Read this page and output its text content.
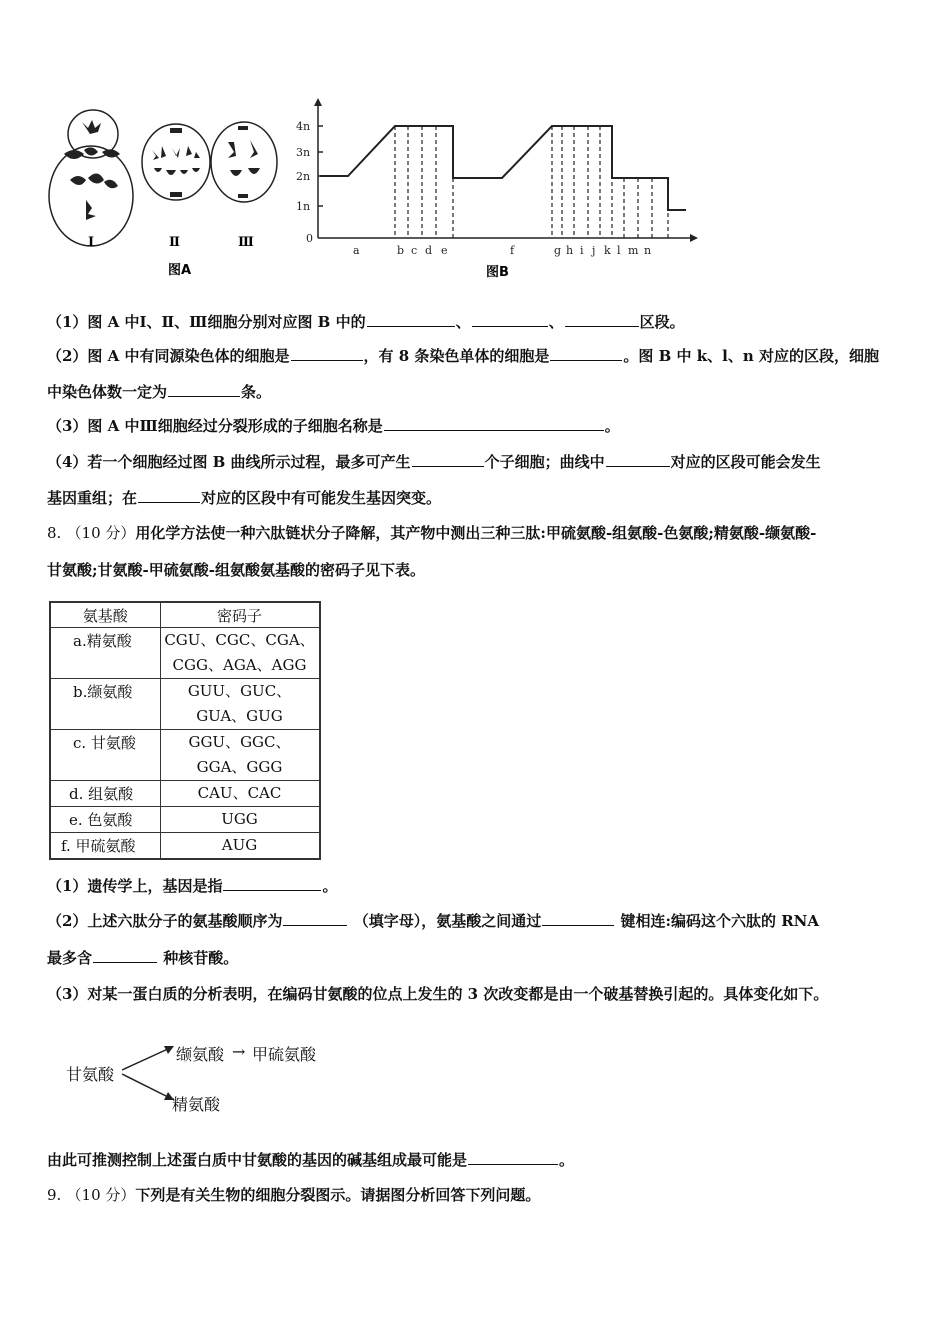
Ⅰ	Ⅱ	Ⅲ
图A
4n
3n
2n
1n
0
a	b c d e	f	g h i j k l m n
图B
（1）图 A 中Ⅰ、Ⅱ、Ⅲ细胞分别对应图 B 中的	、	、	区段。
（2）图 A 中有同源染色体的细胞是	，有 8 条染色单体的细胞是	。图 B 中 k、l、n 对应的区段，细胞
中染色体数一定为	条。
（3）图 A 中Ⅲ细胞经过分裂形成的子细胞名称是	。
（4）若一个细胞经过图 B 曲线所示过程，最多可产生	个子细胞；曲线中	对应的区段可能会发生
基因重组；在	对应的区段中有可能发生基因突变。
8. （10 分）用化学方法使一种六肽链状分子降解，其产物中测出三种三肽:甲硫氨酸-组氨酸-色氨酸;精氨酸-缬氨酸-
甘氨酸;甘氨酸-甲硫氨酸-组氨酸氨基酸的密码子见下表。
氨基酸	密码子
a.精氨酸	CGU、CGC、CGA、
CGG、AGA、AGG

b.缬氨酸	GUU、GUC、
GUA、GUG

c. 甘氨酸	GGU、GGC、
GGA、GGG

d. 组氨酸	CAU、CAC

e. 色氨酸	UGG

f. 甲硫氨酸	AUG
（1）遗传学上，基因是指	。
（2）上述六肽分子的氨基酸顺序为	（填字母），氨基酸之间通过	键相连:编码这个六肽的 RNA
最多含	种核苷酸。
（3）对某一蛋白质的分析表明，在编码甘氨酸的位点上发生的 3 次改变都是由一个破基替换引起的。具体变化如下。
甘氨酸
缬氨酸 → 甲硫氨酸
精氨酸
由此可推测控制上述蛋白质中甘氨酸的基因的碱基组成最可能是	。
9. （10 分）下列是有关生物的细胞分裂图示。请据图分析回答下列问题。
